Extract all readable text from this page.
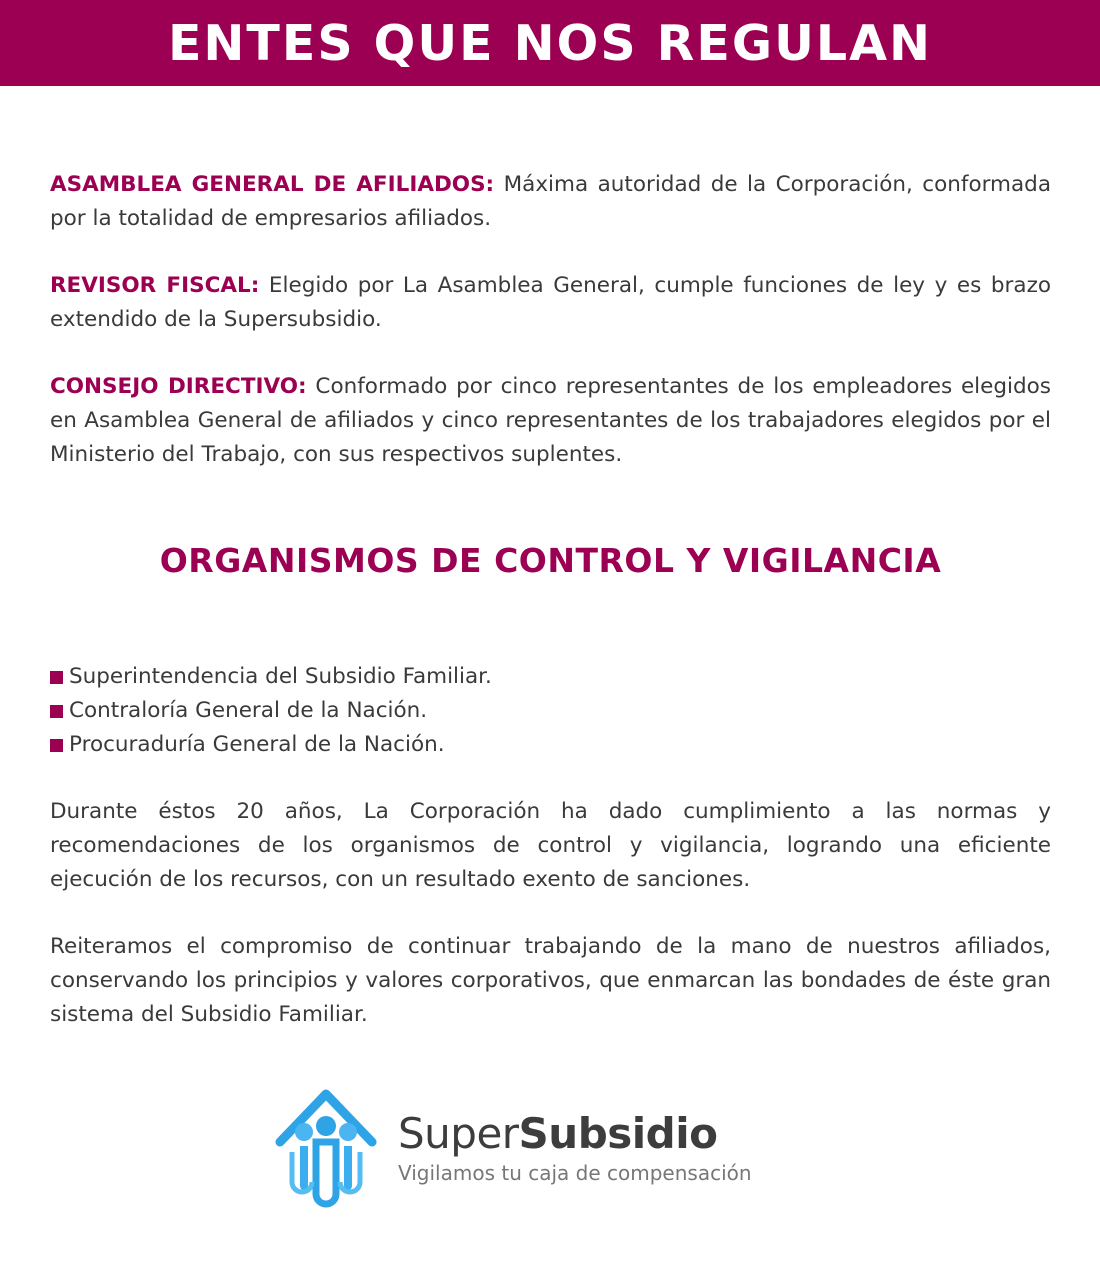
ENTES QUE NOS REGULAN

ASAMBLEA GENERAL DE AFILIADOS: Máxima autoridad de la Corporación, conformada por la totalidad de empresarios afiliados.

REVISOR FISCAL: Elegido por La Asamblea General, cumple funciones de ley y es brazo extendido de la Supersubsidio.

CONSEJO DIRECTIVO: Conformado por cinco representantes de los empleadores elegidos en Asamblea General de afiliados y cinco representantes de los trabajadores elegidos por el Ministerio del Trabajo, con sus respectivos suplentes.

ORGANISMOS DE CONTROL Y VIGILANCIA
Superintendencia del Subsidio Familiar.
Contraloría General de la Nación.
Procuraduría General de la Nación.

Durante éstos 20 años, La Corporación ha dado cumplimiento a las normas y recomendaciones de los organismos de control y vigilancia, logrando una eficiente ejecución de los recursos, con un resultado exento de sanciones.

Reiteramos el compromiso de continuar trabajando de la mano de nuestros afiliados, conservando los principios y valores corporativos, que enmarcan las bondades de éste gran sistema del Subsidio Familiar.

SuperSubsidio
Vigilamos tu caja de compensación
